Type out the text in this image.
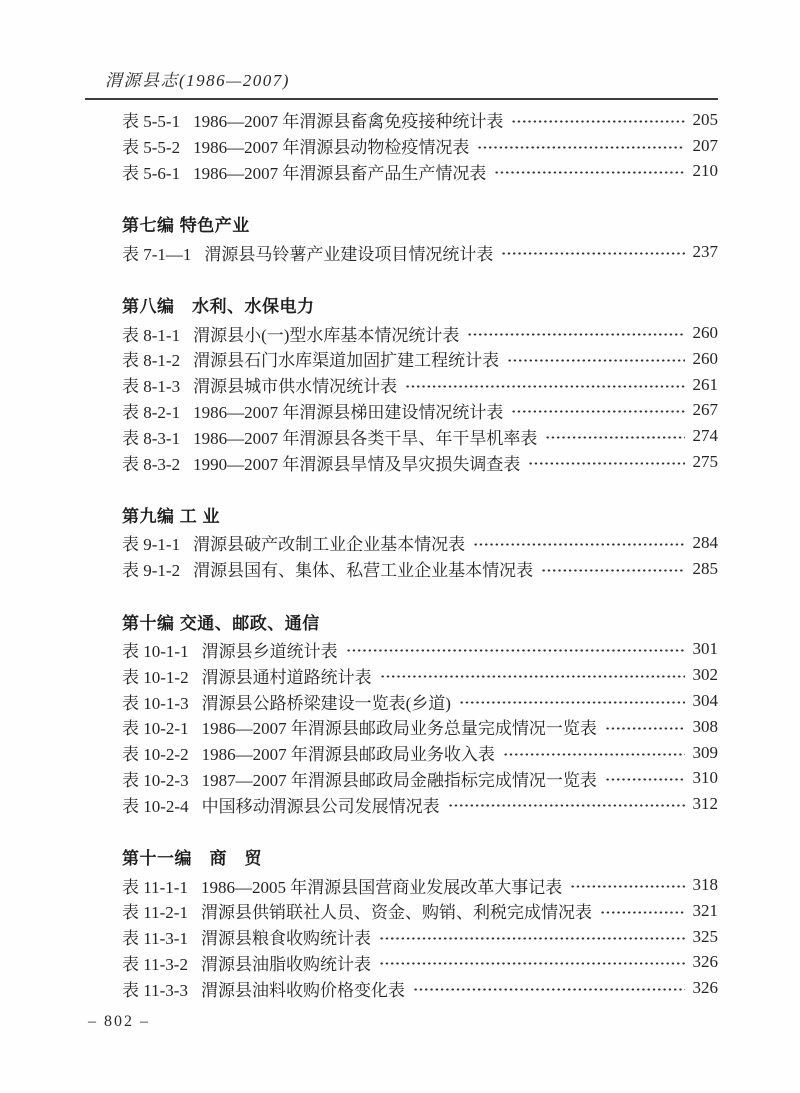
渭源县志(1986—2007)
表 5-5-1 1986—2007 年渭源县畜禽免疫接种统计表	205
表 5-5-2 1986—2007 年渭源县动物检疫情况表	207
表 5-6-1 1986—2007 年渭源县畜产品生产情况表	210
第七编 特色产业
表 7-1—1 渭源县马铃薯产业建设项目情况统计表	237
第八编　水利、水保电力
表 8-1-1 渭源县小(一)型水库基本情况统计表	260
表 8-1-2 渭源县石门水库渠道加固扩建工程统计表	260
表 8-1-3 渭源县城市供水情况统计表	261
表 8-2-1 1986—2007 年渭源县梯田建设情况统计表	267
表 8-3-1 1986—2007 年渭源县各类干旱、年干旱机率表	274
表 8-3-2 1990—2007 年渭源县旱情及旱灾损失调查表	275
第九编 工 业
表 9-1-1 渭源县破产改制工业企业基本情况表	284
表 9-1-2 渭源县国有、集体、私营工业企业基本情况表	285
第十编 交通、邮政、通信
表 10-1-1 渭源县乡道统计表	301
表 10-1-2 渭源县通村道路统计表	302
表 10-1-3 渭源县公路桥梁建设一览表(乡道)	304
表 10-2-1 1986—2007 年渭源县邮政局业务总量完成情况一览表	308
表 10-2-2 1986—2007 年渭源县邮政局业务收入表	309
表 10-2-3 1987—2007 年渭源县邮政局金融指标完成情况一览表	310
表 10-2-4 中国移动渭源县公司发展情况表	312
第十一编　商　贸
表 11-1-1 1986—2005 年渭源县国营商业发展改革大事记表	318
表 11-2-1 渭源县供销联社人员、资金、购销、利税完成情况表	321
表 11-3-1 渭源县粮食收购统计表	325
表 11-3-2 渭源县油脂收购统计表	326
表 11-3-3 渭源县油料收购价格变化表	326
– 802 –
